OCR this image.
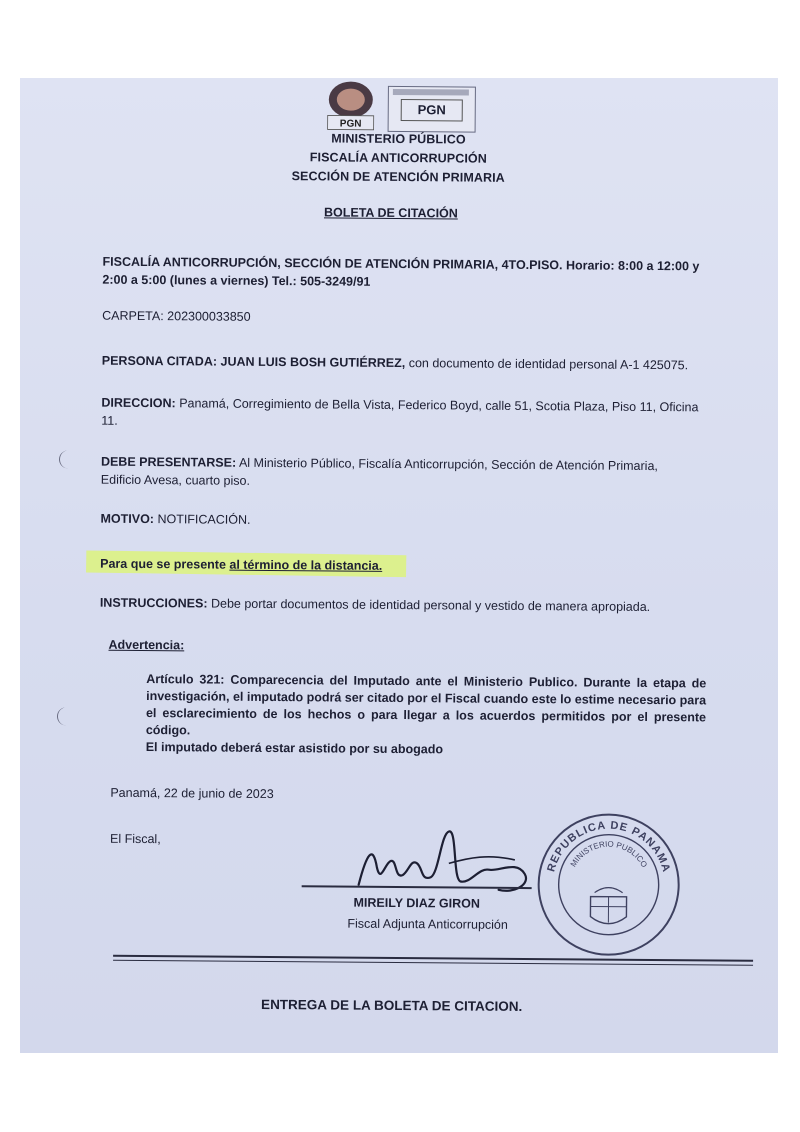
PGN
PGN
MINISTERIO PÚBLICO
FISCALÍA ANTICORRUPCIÓN
SECCIÓN DE ATENCIÓN PRIMARIA
BOLETA DE CITACIÓN
FISCALÍA ANTICORRUPCIÓN, SECCIÓN DE ATENCIÓN PRIMARIA, 4TO.PISO. Horario: 8:00 a 12:00 y 2:00 a 5:00 (lunes a viernes) Tel.: 505-3249/91
CARPETA: 202300033850
PERSONA CITADA: JUAN LUIS BOSH GUTIÉRREZ, con documento de identidad personal A-1 425075.
DIRECCION: Panamá, Corregimiento de Bella Vista, Federico Boyd, calle 51, Scotia Plaza, Piso 11, Oficina 11.
DEBE PRESENTARSE: Al Ministerio Público, Fiscalía Anticorrupción, Sección de Atención Primaria, Edificio Avesa, cuarto piso.
MOTIVO: NOTIFICACIÓN.
Para que se presente al término de la distancia.
INSTRUCCIONES: Debe portar documentos de identidad personal y vestido de manera apropiada.
Advertencia:
Artículo 321: Comparecencia del Imputado ante el Ministerio Publico. Durante la etapa de investigación, el imputado podrá ser citado por el Fiscal cuando este lo estime necesario para el esclarecimiento de los hechos o para llegar a los acuerdos permitidos por el presente código.
El imputado deberá estar asistido por su abogado
Panamá, 22 de junio de 2023
El Fiscal,
MIREILY DIAZ GIRON
Fiscal Adjunta Anticorrupción
REPUBLICA DE PANAMA
MINISTERIO PUBLICO
ENTREGA DE LA BOLETA DE CITACION.
